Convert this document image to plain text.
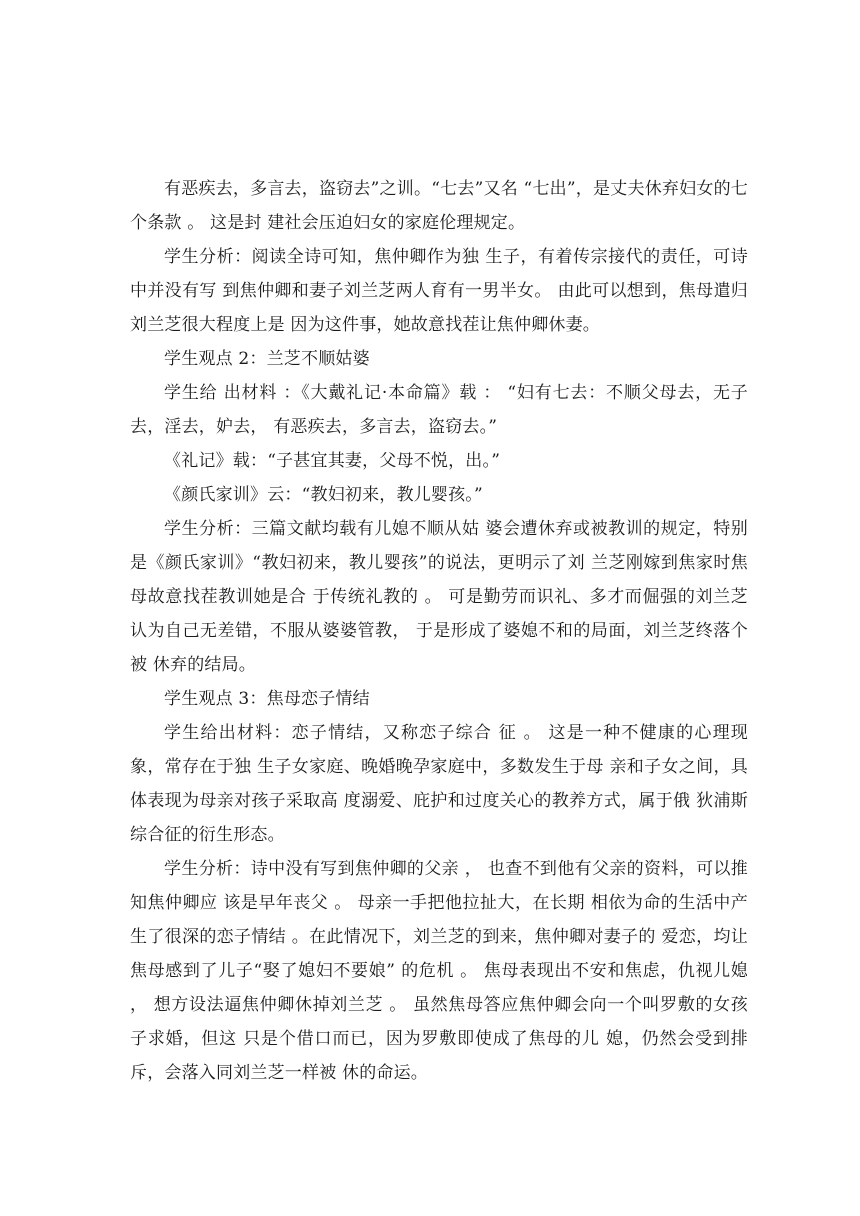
有恶疾去，多言去，盗窃去”之训。“七去”又名 “七出”，是丈夫休弃妇女的七个条款 。 这是封 建社会压迫妇女的家庭伦理规定。

学生分析：阅读全诗可知，焦仲卿作为独 生子，有着传宗接代的责任，可诗中并没有写 到焦仲卿和妻子刘兰芝两人育有一男半女。 由此可以想到，焦母遣归刘兰芝很大程度上是 因为这件事，她故意找茬让焦仲卿休妻。

学生观点 2：兰芝不顺姑婆

学生给 出材料 ：《大戴礼记·本命篇》载 ： “妇有七去：不顺父母去，无子去，淫去，妒去， 有恶疾去，多言去，盗窃去。”

《礼记》载：“子甚宜其妻，父母不悦，出。”

《颜氏家训》云：“教妇初来，教儿婴孩。”

学生分析：三篇文献均载有儿媳不顺从姑 婆会遭休弃或被教训的规定，特别是《颜氏家训》“教妇初来，教儿婴孩”的说法，更明示了刘 兰芝刚嫁到焦家时焦母故意找茬教训她是合 于传统礼教的 。 可是勤劳而识礼、多才而倔强的刘兰芝认为自己无差错，不服从婆婆管教， 于是形成了婆媳不和的局面，刘兰芝终落个被 休弃的结局。

学生观点 3：焦母恋子情结

学生给出材料：恋子情结，又称恋子综合 征 。 这是一种不健康的心理现象，常存在于独 生子女家庭、晚婚晚孕家庭中，多数发生于母 亲和子女之间，具体表现为母亲对孩子采取高 度溺爱、庇护和过度关心的教养方式，属于俄 狄浦斯综合征的衍生形态。

学生分析：诗中没有写到焦仲卿的父亲 ， 也查不到他有父亲的资料，可以推知焦仲卿应 该是早年丧父 。 母亲一手把他拉扯大，在长期 相依为命的生活中产生了很深的恋子情结 。在此情况下，刘兰芝的到来，焦仲卿对妻子的 爱恋，均让焦母感到了儿子“娶了媳妇不要娘” 的危机 。 焦母表现出不安和焦虑，仇视儿媳 ， 想方设法逼焦仲卿休掉刘兰芝 。 虽然焦母答应焦仲卿会向一个叫罗敷的女孩子求婚，但这 只是个借口而已，因为罗敷即使成了焦母的儿 媳，仍然会受到排斥，会落入同刘兰芝一样被 休的命运。
